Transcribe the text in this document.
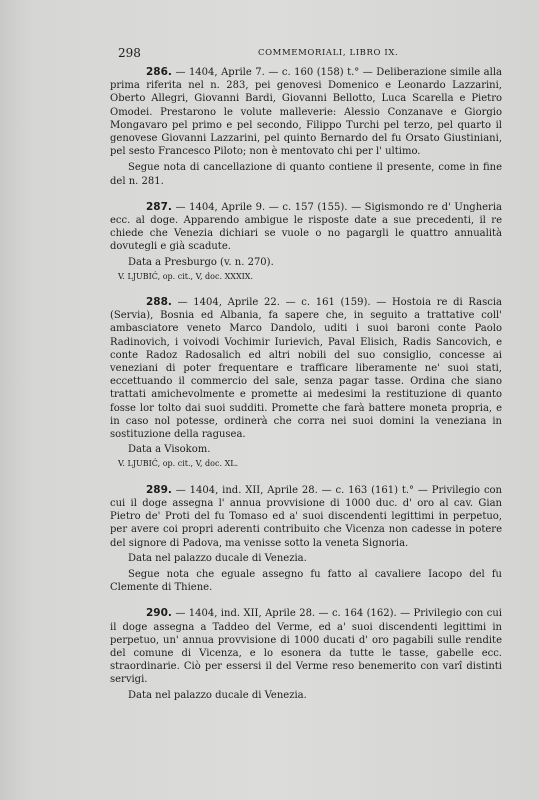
298	COMMEMORIALI, LIBRO IX.

286. — 1404, Aprile 7. — c. 160 (158) t.° — Deliberazione simile alla prima riferita nel n. 283, pei genovesi Domenico e Leonardo Lazzarini, Oberto Allegri, Giovanni Bardi, Giovanni Bellotto, Luca Scarella e Pietro Omodei. Prestarono le volute malleverie: Alessio Conzanave e Giorgio Mongavaro pel primo e pel secondo, Filippo Turchi pel terzo, pel quarto il genovese Giovanni Lazzarini, pel quinto Bernardo del fu Orsato Giustiniani, pel sesto Francesco Piloto; non è mentovato chi per l' ultimo.

Segue nota di cancellazione di quanto contiene il presente, come in fine del n. 281.

287. — 1404, Aprile 9. — c. 157 (155). — Sigismondo re d' Ungheria ecc. al doge. Apparendo ambigue le risposte date a sue precedenti, il re chiede che Venezia dichiari se vuole o no pagargli le quattro annualità dovutegli e già scadute.

Data a Presburgo (v. n. 270).

V. LJUBIĆ, op. cit., V, doc. XXXIX.

288. — 1404, Aprile 22. — c. 161 (159). — Hostoia re di Rascia (Servia), Bosnia ed Albania, fa sapere che, in seguito a trattative coll' ambasciatore veneto Marco Dandolo, uditi i suoi baroni conte Paolo Radinovich, i voivodi Vochimir Iurievich, Paval Elisich, Radis Sancovich, e conte Radoz Radosalich ed altri nobili del suo consiglio, concesse ai veneziani di poter frequentare e trafficare liberamente ne' suoi stati, eccettuando il commercio del sale, senza pagar tasse. Ordina che siano trattati amichevolmente e promette ai medesimi la restituzione di quanto fosse lor tolto dai suoi sudditi. Promette che farà battere moneta propria, e in caso nol potesse, ordinerà che corra nei suoi domini la veneziana in sostituzione della ragusea.

Data a Visokom.

V. LJUBIĆ, op. cit., V, doc. XL.

289. — 1404, ind. XII, Aprile 28. — c. 163 (161) t.° — Privilegio con cui il doge assegna l' annua provvisione di 1000 duc. d' oro al cav. Gian Pietro de' Proti del fu Tomaso ed a' suoi discendenti legittimi in perpetuo, per avere coi propri aderenti contribuito che Vicenza non cadesse in potere del signore di Padova, ma venisse sotto la veneta Signoria.

Data nel palazzo ducale di Venezia.

Segue nota che eguale assegno fu fatto al cavaliere Iacopo del fu Clemente di Thiene.

290. — 1404, ind. XII, Aprile 28. — c. 164 (162). — Privilegio con cui il doge assegna a Taddeo del Verme, ed a' suoi discendenti legittimi in perpetuo, un' annua provvisione di 1000 ducati d' oro pagabili sulle rendite del comune di Vicenza, e lo esonera da tutte le tasse, gabelle ecc. straordinarie. Ciò per essersi il del Verme reso benemerito con varî distinti servigi.

Data nel palazzo ducale di Venezia.
